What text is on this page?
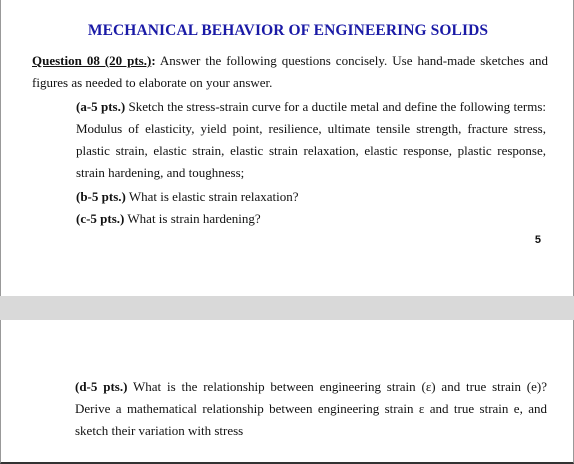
MECHANICAL BEHAVIOR OF ENGINEERING SOLIDS

Question 08 (20 pts.): Answer the following questions concisely. Use hand-made sketches and figures as needed to elaborate on your answer.

(a-5 pts.) Sketch the stress-strain curve for a ductile metal and define the following terms: Modulus of elasticity, yield point, resilience, ultimate tensile strength, fracture stress, plastic strain, elastic strain, elastic strain relaxation, elastic response, plastic response, strain hardening, and toughness;

(b-5 pts.) What is elastic strain relaxation?

(c-5 pts.) What is strain hardening?

5

(d-5 pts.) What is the relationship between engineering strain (ε) and true strain (e)? Derive a mathematical relationship between engineering strain ε and true strain e, and sketch their variation with stress
